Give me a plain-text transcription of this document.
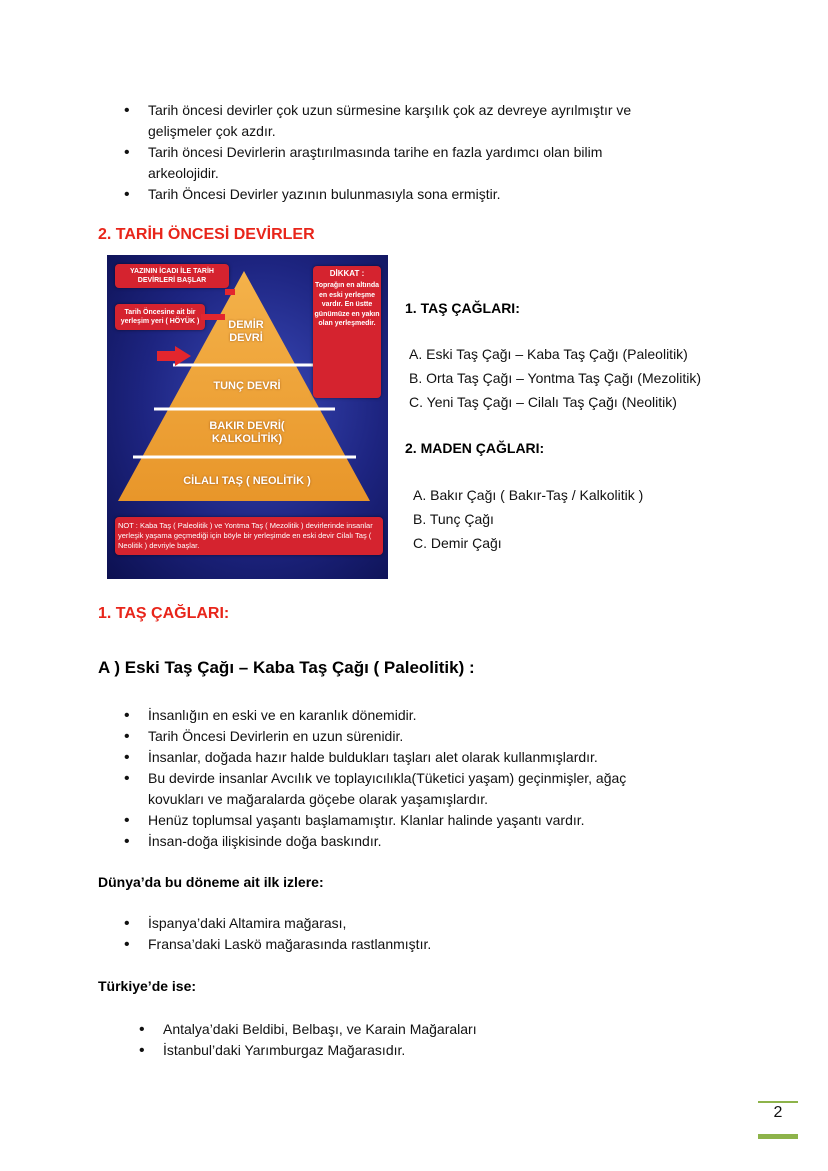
• Tarih öncesi devirler çok uzun sürmesine karşılık çok az devreye ayrılmıştır ve gelişmeler çok azdır.
• Tarih öncesi Devirlerin araştırılmasında tarihe en fazla yardımcı olan bilim arkeolojidir.
• Tarih Öncesi Devirler yazının bulunmasıyla sona ermiştir.
2. TARİH ÖNCESİ DEVİRLER
YAZININ İCADI İLE TARİH DEVİRLERİ BAŞLAR
Tarih Öncesine ait bir yerleşim yeri ( HÖYÜK )
DİKKAT :
Toprağın en altında en eski yerleşme vardır. En üstte günümüze en yakın olan yerleşmedir.
DEMİR
DEVRİ
TUNÇ DEVRİ
BAKIR DEVRİ(
KALKOLİTİK)
CİLALI TAŞ ( NEOLİTİK )
NOT : Kaba Taş ( Paleolitik ) ve Yontma Taş ( Mezolitik ) devirlerinde insanlar yerleşik yaşama geçmediği için böyle bir yerleşimde en eski devir Cilalı Taş ( Neolitik ) devriyle başlar.
1. TAŞ ÇAĞLARI:
A. Eski Taş Çağı – Kaba Taş Çağı (Paleolitik)
B. Orta Taş Çağı – Yontma Taş Çağı (Mezolitik)
C. Yeni Taş Çağı – Cilalı Taş Çağı (Neolitik)
2. MADEN ÇAĞLARI:
A. Bakır Çağı ( Bakır-Taş / Kalkolitik )
B. Tunç Çağı
C. Demir Çağı
1. TAŞ ÇAĞLARI:
A ) Eski Taş Çağı – Kaba Taş Çağı ( Paleolitik) :
• İnsanlığın en eski ve en karanlık dönemidir.
• Tarih Öncesi Devirlerin en uzun sürenidir.
• İnsanlar, doğada hazır halde buldukları taşları alet olarak kullanmışlardır.
• Bu devirde insanlar Avcılık ve toplayıcılıkla(Tüketici yaşam) geçinmişler, ağaç kovukları ve mağaralarda göçebe olarak yaşamışlardır.
• Henüz toplumsal yaşantı başlamamıştır. Klanlar halinde yaşantı vardır.
• İnsan-doğa ilişkisinde doğa baskındır.
Dünya’da bu döneme ait ilk izlere:
• İspanya’daki Altamira mağarası,
• Fransa’daki Laskö mağarasında rastlanmıştır.
Türkiye’de ise:
• Antalya’daki Beldibi, Belbaşı, ve Karain Mağaraları
• İstanbul’daki Yarımburgaz Mağarasıdır.
2
